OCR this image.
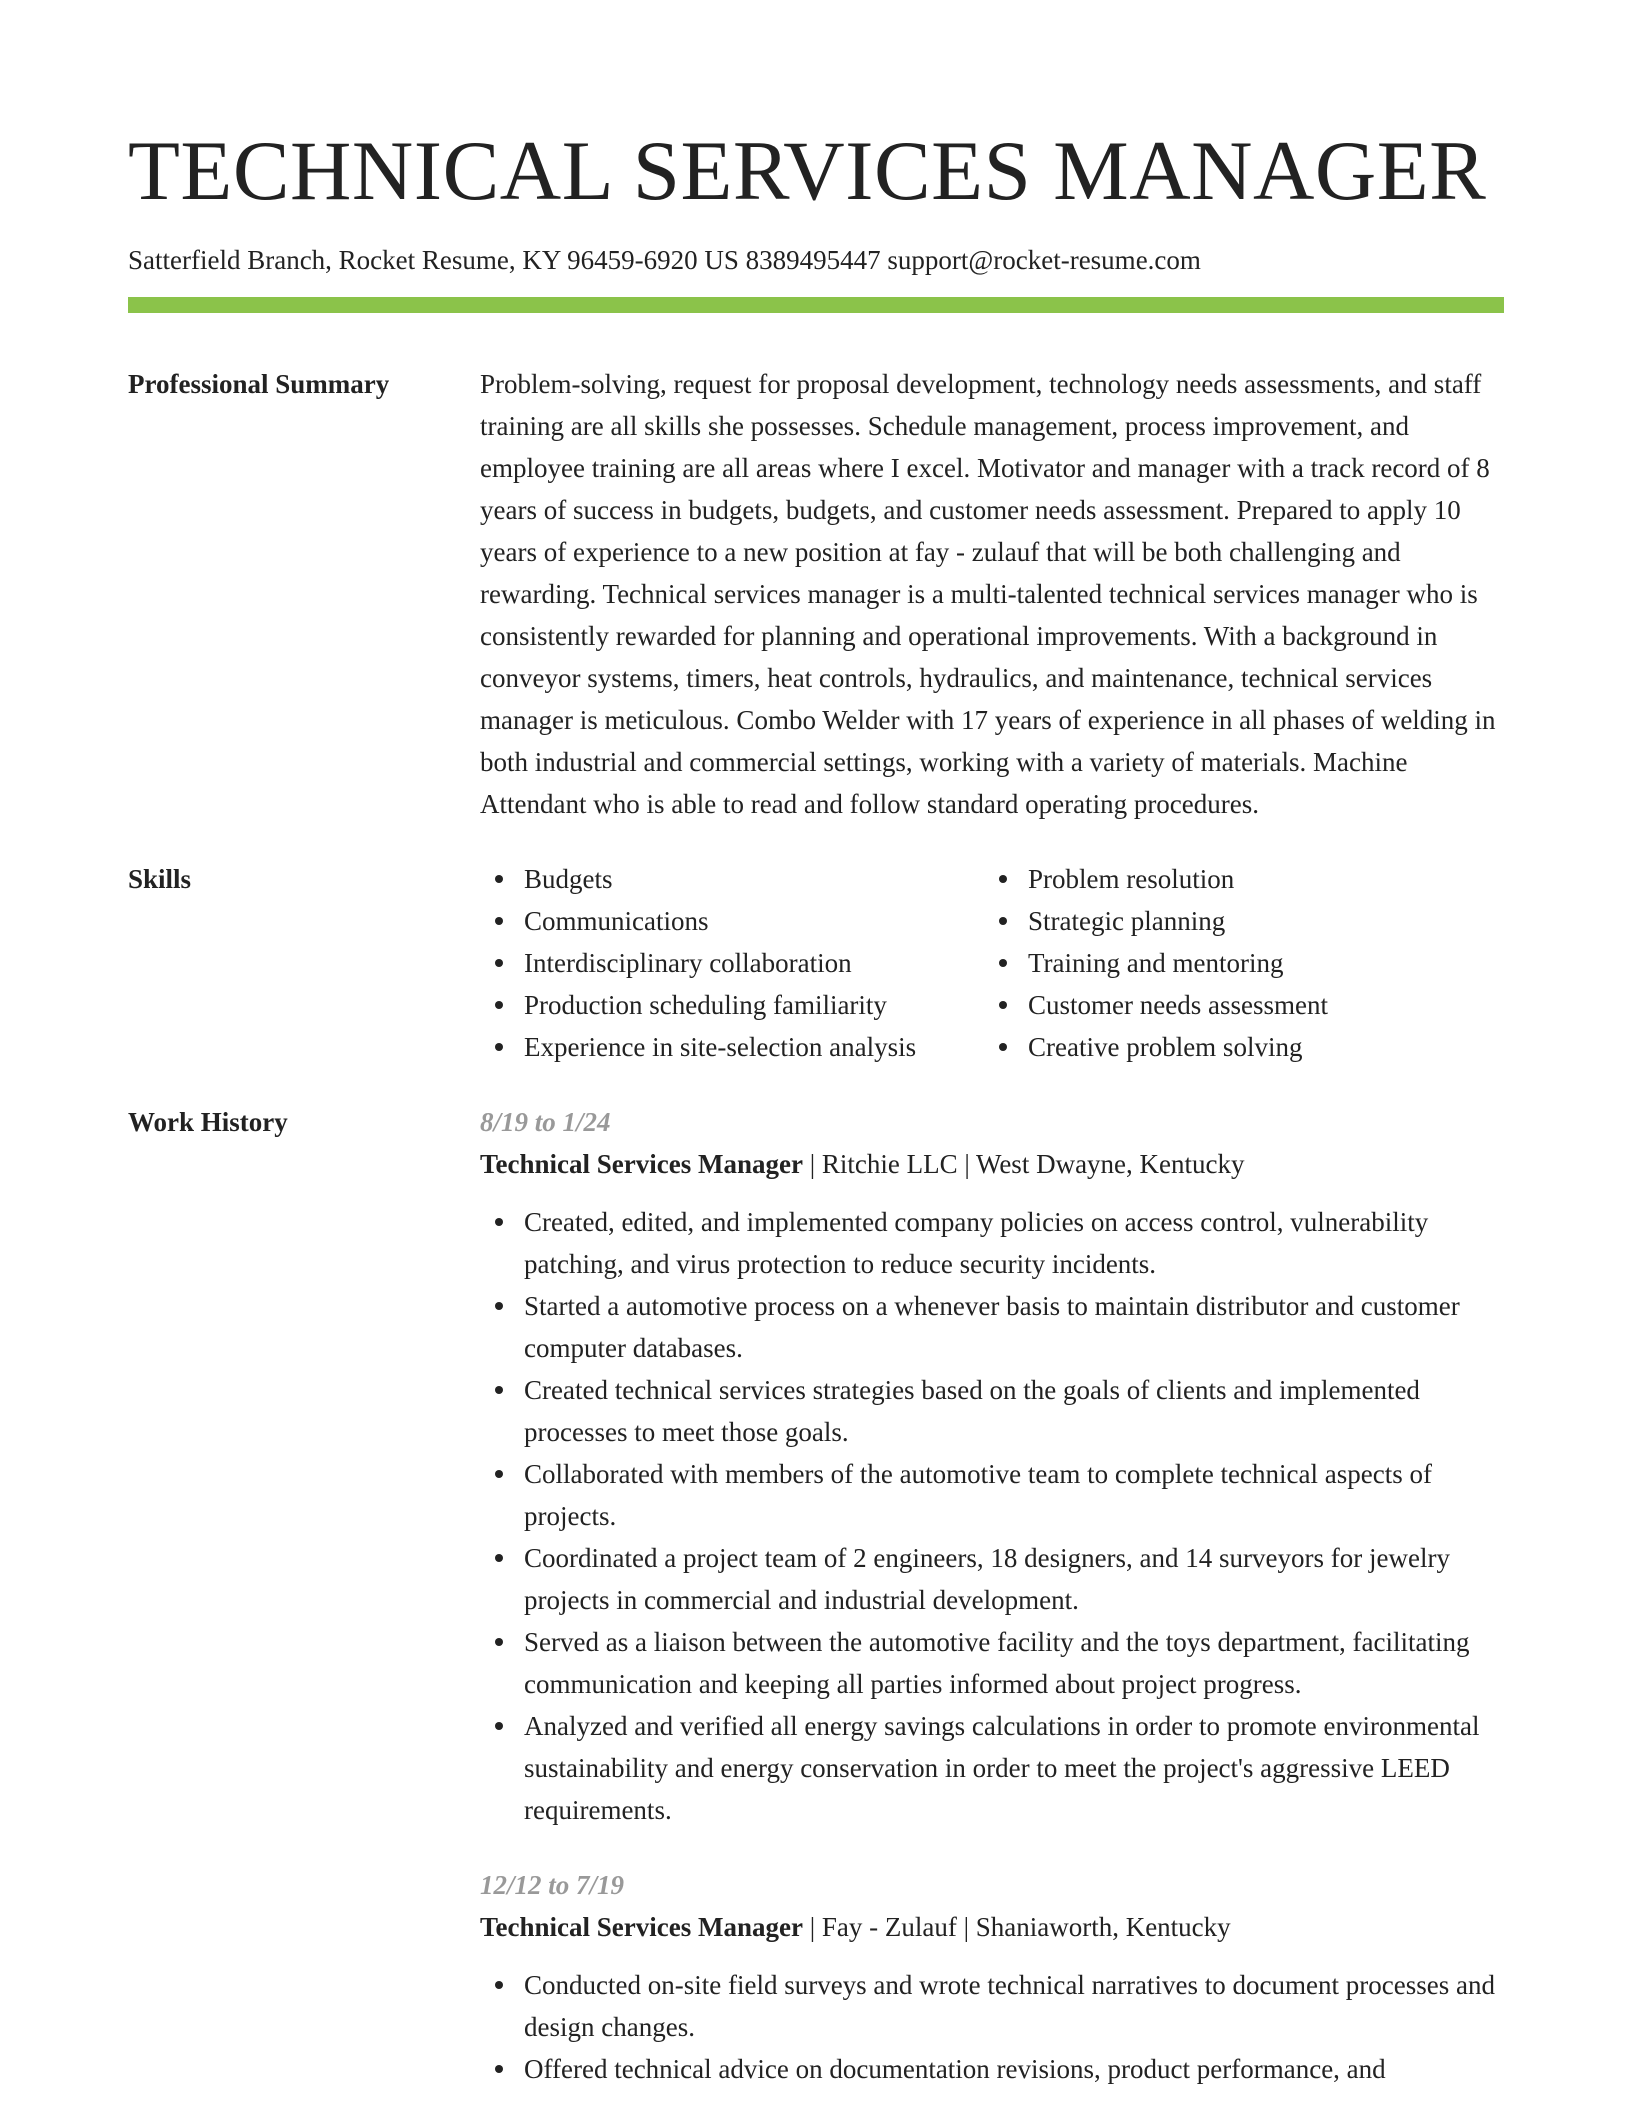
TECHNICAL SERVICES MANAGER
Satterfield Branch, Rocket Resume, KY 96459-6920 US 8389495447 support@rocket-resume.com
Professional Summary	Problem-solving, request for proposal development, technology needs assessments, and staff training are all skills she possesses. Schedule management, process improvement, and employee training are all areas where I excel. Motivator and manager with a track record of 8 years of success in budgets, budgets, and customer needs assessment. Prepared to apply 10 years of experience to a new position at fay - zulauf that will be both challenging and rewarding. Technical services manager is a multi-talented technical services manager who is consistently rewarded for planning and operational improvements. With a background in conveyor systems, timers, heat controls, hydraulics, and maintenance, technical services manager is meticulous. Combo Welder with 17 years of experience in all phases of welding in both industrial and commercial settings, working with a variety of materials. Machine Attendant who is able to read and follow standard operating procedures.
Skills	Budgets
Communications
Interdisciplinary collaboration
Production scheduling familiarity
Experience in site-selection analysis
Problem resolution
Strategic planning
Training and mentoring
Customer needs assessment
Creative problem solving
Work History	8/19 to 1/24
Technical Services Manager | Ritchie LLC | West Dwayne, Kentucky
Created, edited, and implemented company policies on access control, vulnerability patching, and virus protection to reduce security incidents.
Started a automotive process on a whenever basis to maintain distributor and customer computer databases.
Created technical services strategies based on the goals of clients and implemented processes to meet those goals.
Collaborated with members of the automotive team to complete technical aspects of projects.
Coordinated a project team of 2 engineers, 18 designers, and 14 surveyors for jewelry projects in commercial and industrial development.
Served as a liaison between the automotive facility and the toys department, facilitating communication and keeping all parties informed about project progress.
Analyzed and verified all energy savings calculations in order to promote environmental sustainability and energy conservation in order to meet the project's aggressive LEED requirements.
12/12 to 7/19
Technical Services Manager | Fay - Zulauf | Shaniaworth, Kentucky
Conducted on-site field surveys and wrote technical narratives to document processes and design changes.
Offered technical advice on documentation revisions, product performance, and
